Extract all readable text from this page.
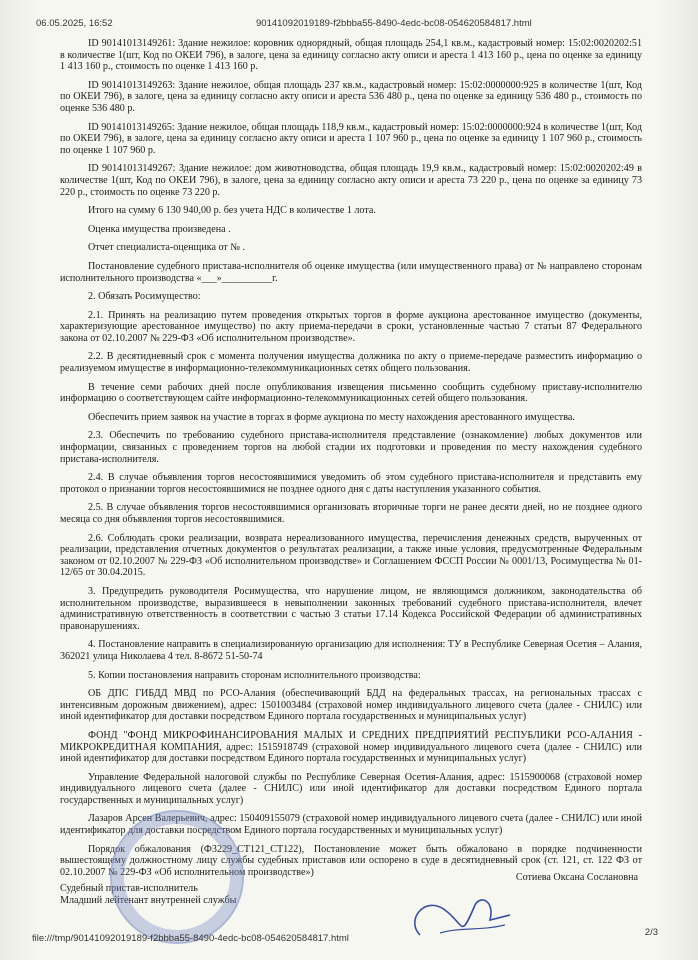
06.05.2025, 16:52	90141092019189-f2bbba55-8490-4edc-bc08-054620584817.html

ID 90141013149261: Здание нежилое: коровник однорядный, общая площадь 254,1 кв.м., кадастровый номер: 15:02:0020202:51 в количестве 1(шт, Код по ОКЕИ 796), в залоге, цена за единицу согласно акту описи и ареста 1 413 160 р., цена по оценке за единицу 1 413 160 р., стоимость по оценке 1 413 160 р.

ID 90141013149263: Здание нежилое, общая площадь 237 кв.м., кадастровый номер: 15:02:0000000:925 в количестве 1(шт, Код по ОКЕИ 796), в залоге, цена за единицу согласно акту описи и ареста 536 480 р., цена по оценке за единицу 536 480 р., стоимость по оценке 536 480 р.

ID 90141013149265: Здание нежилое, общая площадь 118,9 кв.м., кадастровый номер: 15:02:0000000:924 в количестве 1(шт, Код по ОКЕИ 796), в залоге, цена за единицу согласно акту описи и ареста 1 107 960 р., цена по оценке за единицу 1 107 960 р., стоимость по оценке 1 107 960 р.

ID 90141013149267: Здание нежилое: дом животноводства, общая площадь 19,9 кв.м., кадастровый номер: 15:02:0020202:49 в количестве 1(шт, Код по ОКЕИ 796), в залоге, цена за единицу согласно акту описи и ареста 73 220 р., цена по оценке за единицу 73 220 р., стоимость по оценке 73 220 р.

Итого на сумму 6 130 940,00 р. без учета НДС в количестве 1 лота.

Оценка имущества произведена .

Отчет специалиста-оценщика от № .

Постановление судебного пристава-исполнителя об оценке имущества (или имущественного права) от № направлено сторонам исполнительного производства «___»__________г.

2. Обязать Росимущество:

2.1. Принять на реализацию путем проведения открытых торгов в форме аукциона арестованное имущество (документы, характеризующие арестованное имущество) по акту приема-передачи в сроки, установленные частью 7 статьи 87 Федерального закона от 02.10.2007 № 229-ФЗ «Об исполнительном производстве».

2.2. В десятидневный срок с момента получения имущества должника по акту о приеме-передаче разместить информацию о реализуемом имуществе в информационно-телекоммуникационных сетях общего пользования.

В течение семи рабочих дней после опубликования извещения письменно сообщить судебному приставу-исполнителю информацию о соответствующем сайте информационно-телекоммуникационных сетей общего пользования.

Обеспечить прием заявок на участие в торгах в форме аукциона по месту нахождения арестованного имущества.

2.3. Обеспечить по требованию судебного пристава-исполнителя представление (ознакомление) любых документов или информации, связанных с проведением торгов на любой стадии их подготовки и проведения по месту нахождения судебного пристава-исполнителя.

2.4. В случае объявления торгов несостоявшимися уведомить об этом судебного пристава-исполнителя и представить ему протокол о признании торгов несостоявшимися не позднее одного дня с даты наступления указанного события.

2.5. В случае объявления торгов несостоявшимися организовать вторичные торги не ранее десяти дней, но не позднее одного месяца со дня объявления торгов несостоявшимися.

2.6. Соблюдать сроки реализации, возврата нереализованного имущества, перечисления денежных средств, вырученных от реализации, представления отчетных документов о результатах реализации, а также иные условия, предусмотренные Федеральным законом от 02.10.2007 № 229-ФЗ «Об исполнительном производстве» и Соглашением ФССП России № 0001/13, Росимущества № 01-12/65 от 30.04.2015.

3. Предупредить руководителя Росимущества, что нарушение лицом, не являющимся должником, законодательства об исполнительном производстве, выразившееся в невыполнении законных требований судебного пристава-исполнителя, влечет административную ответственность в соответствии с частью 3 статьи 17.14 Кодекса Российской Федерации об административных правонарушениях.

4. Постановление направить в специализированную организацию для исполнения: ТУ в Республике Северная Осетия – Алания, 362021 улица Николаева 4 тел. 8-8672 51-50-74

5. Копии постановления направить сторонам исполнительного производства:

ОБ ДПС ГИБДД МВД по РСО-Алания (обеспечивающий БДД на федеральных трассах, на региональных трассах с интенсивным дорожным движением), адрес: 1501003484 (страховой номер индивидуального лицевого счета (далее - СНИЛС) или иной идентификатор для доставки посредством Единого портала государственных и муниципальных услуг)

ФОНД "ФОНД МИКРОФИНАНСИРОВАНИЯ МАЛЫХ И СРЕДНИХ ПРЕДПРИЯТИЙ РЕСПУБЛИКИ РСО-АЛАНИЯ - МИКРОКРЕДИТНАЯ КОМПАНИЯ, адрес: 1515918749 (страховой номер индивидуального лицевого счета (далее - СНИЛС) или иной идентификатор для доставки посредством Единого портала государственных и муниципальных услуг)

Управление Федеральной налоговой службы по Республике Северная Осетия-Алания, адрес: 1515900068 (страховой номер индивидуального лицевого счета (далее - СНИЛС) или иной идентификатор для доставки посредством Единого портала государственных и муниципальных услуг)

Лазаров Арсен Валерьевич, адрес: 150409155079 (страховой номер индивидуального лицевого счета (далее - СНИЛС) или иной идентификатор для доставки посредством Единого портала государственных и муниципальных услуг)

Порядок обжалования (Ф3229_СТ121_СТ122), Постановление может быть обжаловано в порядке подчиненности вышестоящему должностному лицу службы судебных приставов или оспорено в суде в десятидневный срок (ст. 121, ст. 122 ФЗ от 02.10.2007 № 229-ФЗ «Об исполнительном производстве»)

Судебный пристав-исполнитель
Младший лейтенант внутренней службы
Сотиева Оксана Сослановна
file:///tmp/90141092019189-f2bbba55-8490-4edc-bc08-054620584817.html
2/3
